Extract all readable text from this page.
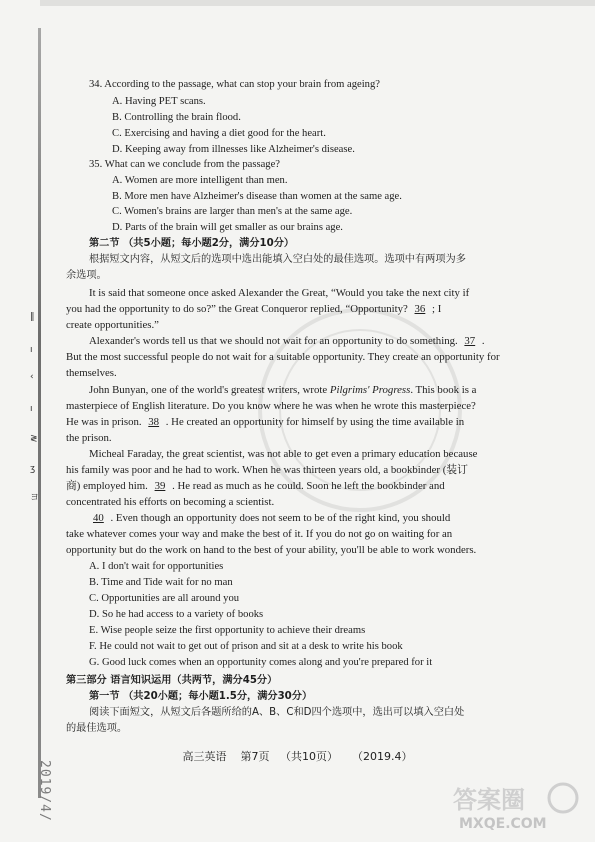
‖
ı
‹
ı
≷
ʒ
ヨ
34. According to the passage, what can stop your brain from ageing?
A. Having PET scans.
B. Controlling the brain flood.
C. Exercising and having a diet good for the heart.
D. Keeping away from illnesses like Alzheimer's disease.
35. What can we conclude from the passage?
A. Women are more intelligent than men.
B. More men have Alzheimer's disease than women at the same age.
C. Women's brains are larger than men's at the same age.
D. Parts of the brain will get smaller as our brains age.
第二节 （共5小题；每小题2分，满分10分）
根据短文内容，从短文后的选项中选出能填入空白处的最佳选项。选项中有两项为多
余选项。
It is said that someone once asked Alexander the Great, “Would you take the next city if
you had the opportunity to do so?” the Great Conqueror replied, “Opportunity? 36 ; I
create opportunities.”
Alexander's words tell us that we should not wait for an opportunity to do something. 37 .
But the most successful people do not wait for a suitable opportunity. They create an opportunity for
themselves.
John Bunyan, one of the world's greatest writers, wrote Pilgrims' Progress. This book is a
masterpiece of English literature. Do you know where he was when he wrote this masterpiece?
He was in prison. 38 . He created an opportunity for himself by using the time available in
the prison.
Micheal Faraday, the great scientist, was not able to get even a primary education because
his family was poor and he had to work. When he was thirteen years old, a bookbinder (装订
商) employed him. 39 . He read as much as he could. Soon he left the bookbinder and
concentrated his efforts on becoming a scientist.
40 . Even though an opportunity does not seem to be of the right kind, you should
take whatever comes your way and make the best of it. If you do not go on waiting for an
opportunity but do the work on hand to the best of your ability, you'll be able to work wonders.
A. I don't wait for opportunities
B. Time and Tide wait for no man
C. Opportunities are all around you
D. So he had access to a variety of books
E. Wise people seize the first opportunity to achieve their dreams
F. He could not wait to get out of prison and sit at a desk to write his book
G. Good luck comes when an opportunity comes along and you're prepared for it
第三部分 语言知识运用（共两节，满分45分）
第一节 （共20小题；每小题1.5分，满分30分）
阅读下面短文，从短文后各题所给的A、B、C和D四个选项中，选出可以填入空白处
的最佳选项。
高三英语 第7页 （共10页） （2019.4）
2019/4/	答案圈
MXQE.COM
